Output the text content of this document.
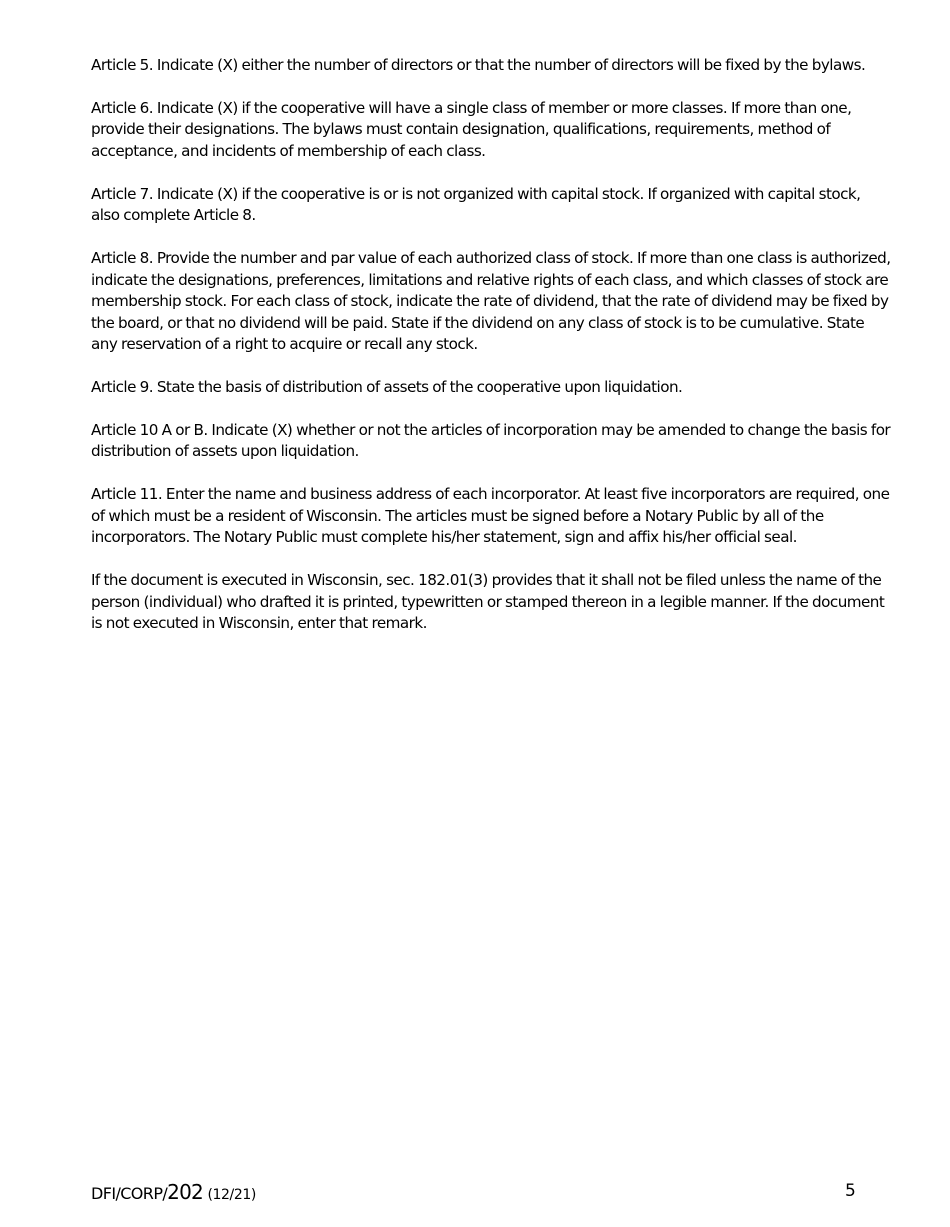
Article 5. Indicate (X) either the number of directors or that the number of directors will be fixed by the bylaws.

Article 6. Indicate (X) if the cooperative will have a single class of member or more classes. If more than one, provide their designations. The bylaws must contain designation, qualifications, requirements, method of acceptance, and incidents of membership of each class.

Article 7. Indicate (X) if the cooperative is or is not organized with capital stock. If organized with capital stock, also complete Article 8.

Article 8. Provide the number and par value of each authorized class of stock. If more than one class is authorized, indicate the designations, preferences, limitations and relative rights of each class, and which classes of stock are membership stock. For each class of stock, indicate the rate of dividend, that the rate of dividend may be fixed by the board, or that no dividend will be paid. State if the dividend on any class of stock is to be cumulative. State any reservation of a right to acquire or recall any stock.

Article 9. State the basis of distribution of assets of the cooperative upon liquidation.

Article 10 A or B. Indicate (X) whether or not the articles of incorporation may be amended to change the basis for distribution of assets upon liquidation.

Article 11. Enter the name and business address of each incorporator. At least five incorporators are required, one of which must be a resident of Wisconsin. The articles must be signed before a Notary Public by all of the incorporators. The Notary Public must complete his/her statement, sign and affix his/her official seal.

If the document is executed in Wisconsin, sec. 182.01(3) provides that it shall not be filed unless the name of the person (individual) who drafted it is printed, typewritten or stamped thereon in a legible manner. If the document is not executed in Wisconsin, enter that remark.

DFI/CORP/202 (12/21)	5
